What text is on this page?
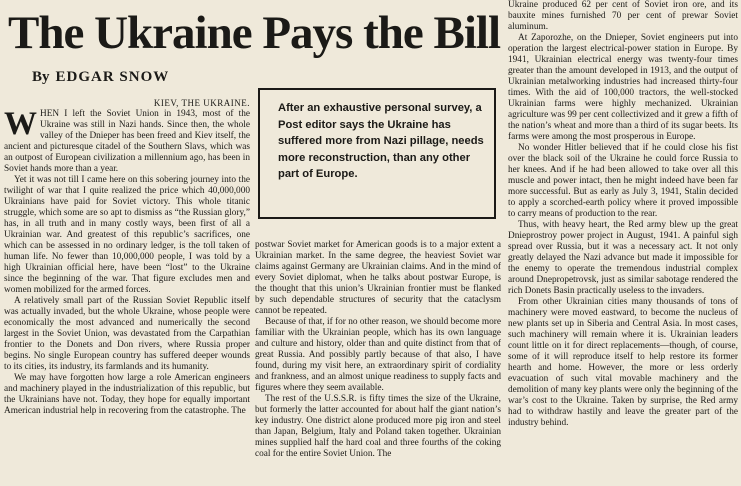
The Ukraine Pays the Bill
By EDGAR SNOW

KIEV, THE UKRAINE.

WHEN I left the Soviet Union in 1943, most of the Ukraine was still in Nazi hands. Since then, the whole valley of the Dnieper has been freed and Kiev itself, the ancient and picturesque citadel of the Southern Slavs, which was an outpost of European civilization a millennium ago, has been in Soviet hands more than a year.

Yet it was not till I came here on this sobering journey into the twilight of war that I quite realized the price which 40,000,000 Ukrainians have paid for Soviet victory. This whole titanic struggle, which some are so apt to dismiss as “the Russian glory,” has, in all truth and in many costly ways, been first of all a Ukrainian war. And greatest of this republic’s sacrifices, one which can be assessed in no ordinary ledger, is the toll taken of human life. No fewer than 10,000,000 people, I was told by a high Ukrainian official here, have been “lost” to the Ukraine since the beginning of the war. That figure excludes men and women mobilized for the armed forces.

A relatively small part of the Russian Soviet Republic itself was actually invaded, but the whole Ukraine, whose people were economically the most advanced and numerically the second largest in the Soviet Union, was devastated from the Carpathian frontier to the Donets and Don rivers, where Russia proper begins. No single European country has suffered deeper wounds to its cities, its industry, its farmlands and its humanity.

We may have forgotten how large a role American engineers and machinery played in the industrialization of this republic, but the Ukrainians have not. Today, they hope for equally important American industrial help in recovering from the catastrophe. The

After an exhaustive personal survey, a Post editor says the Ukraine has suffered more from Nazi pillage, needs more reconstruction, than any other part of Europe.

postwar Soviet market for American goods is to a major extent a Ukrainian market. In the same degree, the heaviest Soviet war claims against Germany are Ukrainian claims. And in the mind of every Soviet diplomat, when he talks about postwar Europe, is the thought that this union’s Ukrainian frontier must be flanked by such dependable structures of security that the cataclysm cannot be repeated.

Because of that, if for no other reason, we should become more familiar with the Ukrainian people, which has its own language and culture and history, older than and quite distinct from that of great Russia. And possibly partly because of that also, I have found, during my visit here, an extraordinary spirit of cordiality and frankness, and an almost unique readiness to supply facts and figures where they seem available.

The rest of the U.S.S.R. is fifty times the size of the Ukraine, but formerly the latter accounted for about half the giant nation’s key industry. One district alone produced more pig iron and steel than Japan, Belgium, Italy and Poland taken together. Ukrainian mines supplied half the hard coal and three fourths of the coking coal for the entire Soviet Union. The

Ukraine produced 62 per cent of Soviet iron ore, and its bauxite mines furnished 70 per cent of prewar Soviet aluminum.

At Zaporozhe, on the Dnieper, Soviet engineers put into operation the largest electrical-power station in Europe. By 1941, Ukrainian electrical energy was twenty-four times greater than the amount developed in 1913, and the output of Ukrainian metalworking industries had increased thirty-four times. With the aid of 100,000 tractors, the well-stocked Ukrainian farms were highly mechanized. Ukrainian agriculture was 99 per cent collectivized and it grew a fifth of the nation’s wheat and more than a third of its sugar beets. Its farms were among the most prosperous in Europe.

No wonder Hitler believed that if he could close his fist over the black soil of the Ukraine he could force Russia to her knees. And if he had been allowed to take over all this muscle and power intact, then he might indeed have been far more successful. But as early as July 3, 1941, Stalin decided to apply a scorched-earth policy where it proved impossible to carry means of production to the rear.

Thus, with heavy heart, the Red army blew up the great Dnieprostroy power project in August, 1941. A painful sigh spread over Russia, but it was a necessary act. It not only greatly delayed the Nazi advance but made it impossible for the enemy to operate the tremendous industrial complex around Dnepropetrovsk, just as similar sabotage rendered the rich Donets Basin practically useless to the invaders.

From other Ukrainian cities many thousands of tons of machinery were moved eastward, to become the nucleus of new plants set up in Siberia and Central Asia. In most cases, such machinery will remain where it is. Ukrainian leaders count little on it for direct replacements—though, of course, some of it will reproduce itself to help restore its former hearth and home. However, the more or less orderly evacuation of such vital movable machinery and the demolition of many key plants were only the beginning of the war’s cost to the Ukraine. Taken by surprise, the Red army had to withdraw hastily and leave the greater part of the industry behind.
